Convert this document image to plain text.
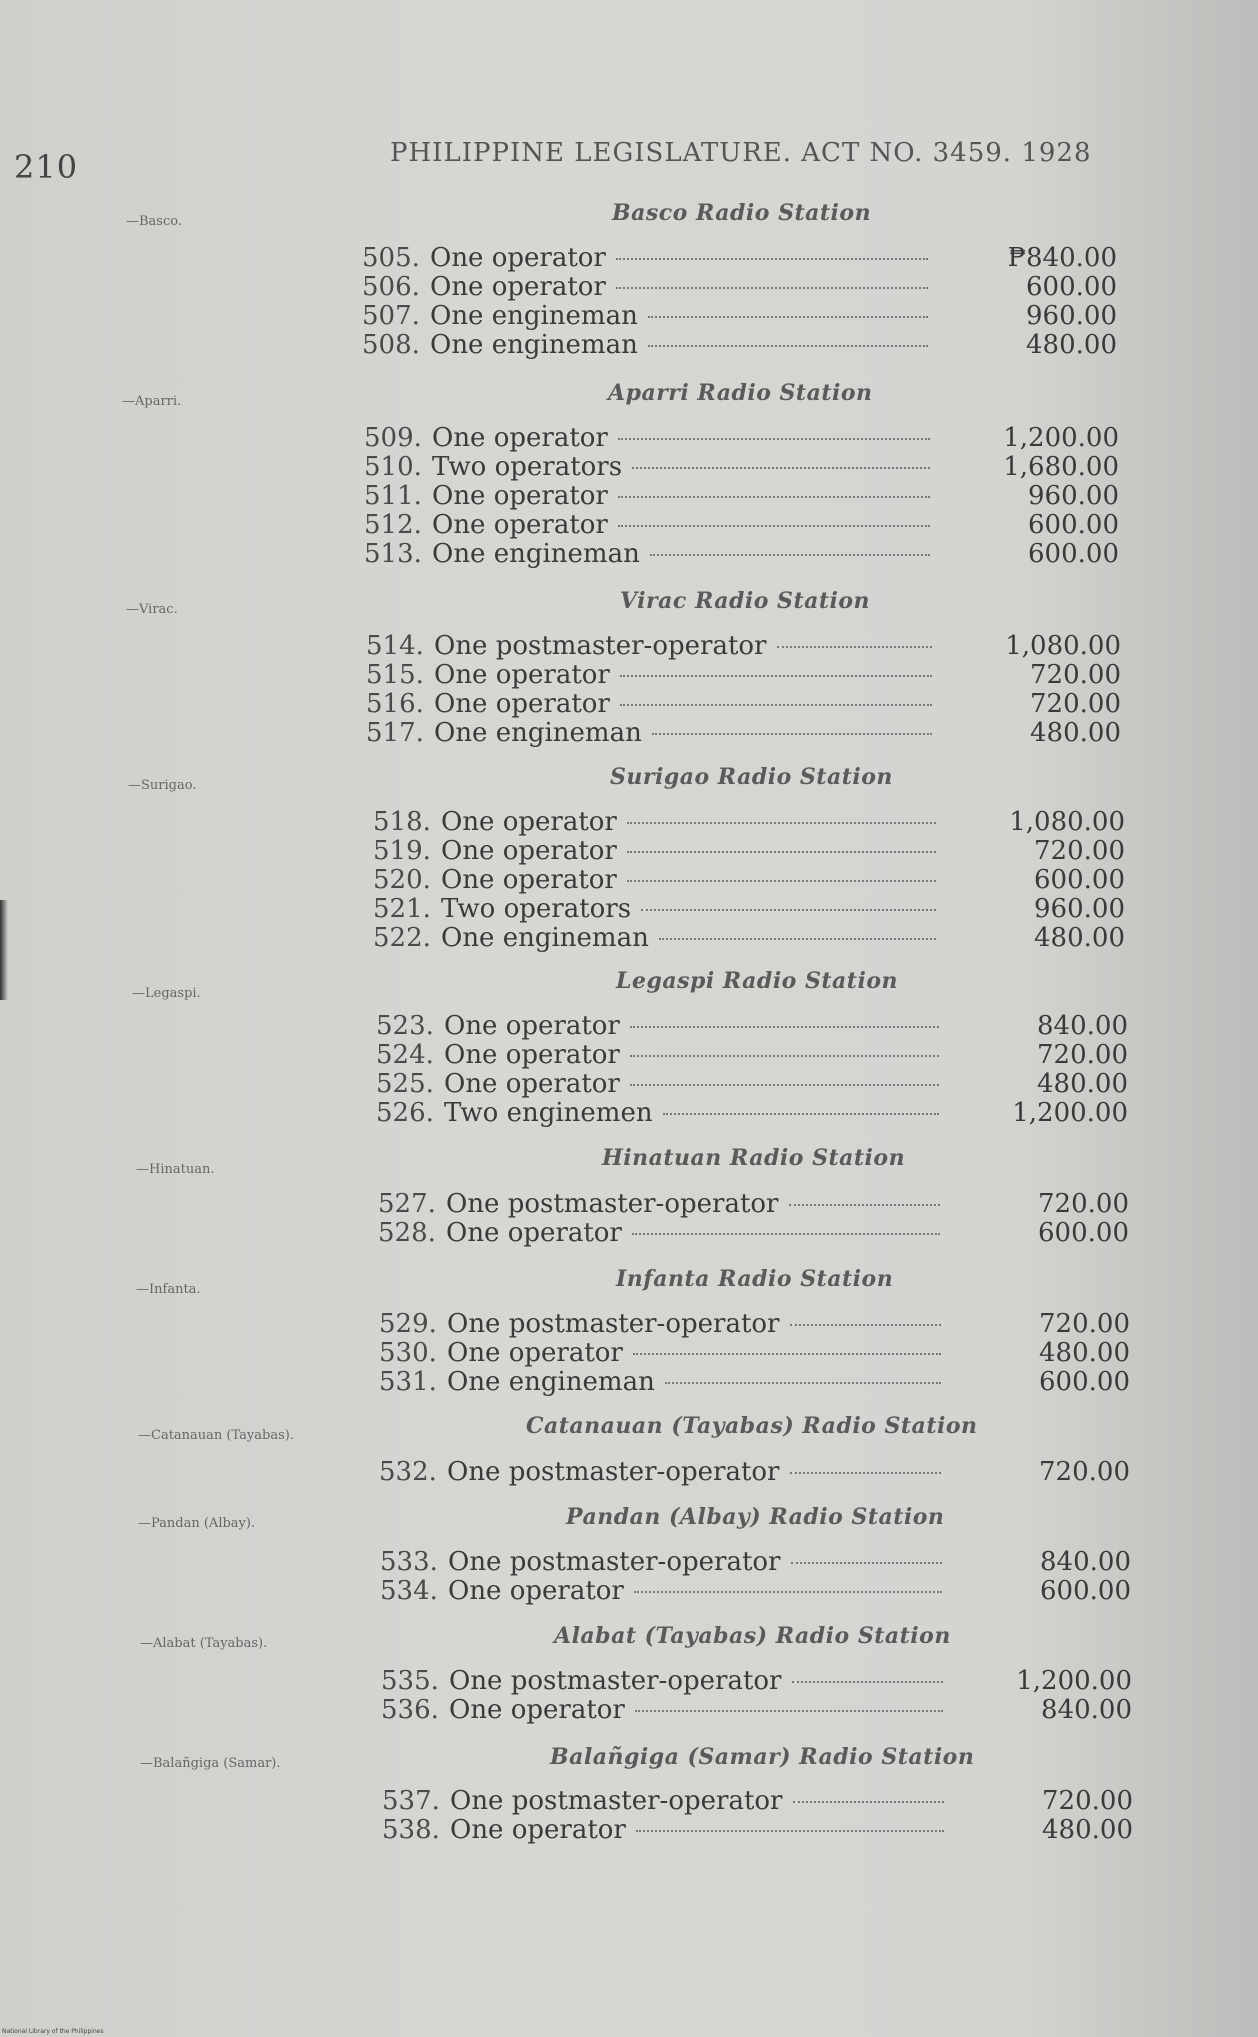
210	PHILIPPINE LEGISLATURE. ACT NO. 3459. 1928
—Basco.	Basco Radio Station
505. One operator	₱840.00
506. One operator	600.00
507. One engineman	960.00
508. One engineman	480.00
—Aparri.	Aparri Radio Station
509. One operator	1,200.00
510. Two operators	1,680.00
511. One operator	960.00
512. One operator	600.00
513. One engineman	600.00
—Virac.	Virac Radio Station
514. One postmaster-operator	1,080.00
515. One operator	720.00
516. One operator	720.00
517. One engineman	480.00
—Surigao.	Surigao Radio Station
518. One operator	1,080.00
519. One operator	720.00
520. One operator	600.00
521. Two operators	960.00
522. One engineman	480.00
—Legaspi.	Legaspi Radio Station
523. One operator	840.00
524. One operator	720.00
525. One operator	480.00
526. Two enginemen	1,200.00
—Hinatuan.	Hinatuan Radio Station
527. One postmaster-operator	720.00
528. One operator	600.00
—Infanta.	Infanta Radio Station
529. One postmaster-operator	720.00
530. One operator	480.00
531. One engineman	600.00
—Catanauan (Tayabas).	Catanauan (Tayabas) Radio Station
532. One postmaster-operator	720.00
—Pandan (Albay).	Pandan (Albay) Radio Station
533. One postmaster-operator	840.00
534. One operator	600.00
—Alabat (Tayabas).	Alabat (Tayabas) Radio Station
535. One postmaster-operator	1,200.00
536. One operator	840.00
—Balañgiga (Samar).	Balañgiga (Samar) Radio Station
537. One postmaster-operator	720.00
538. One operator	480.00
National Library of the Philippines
